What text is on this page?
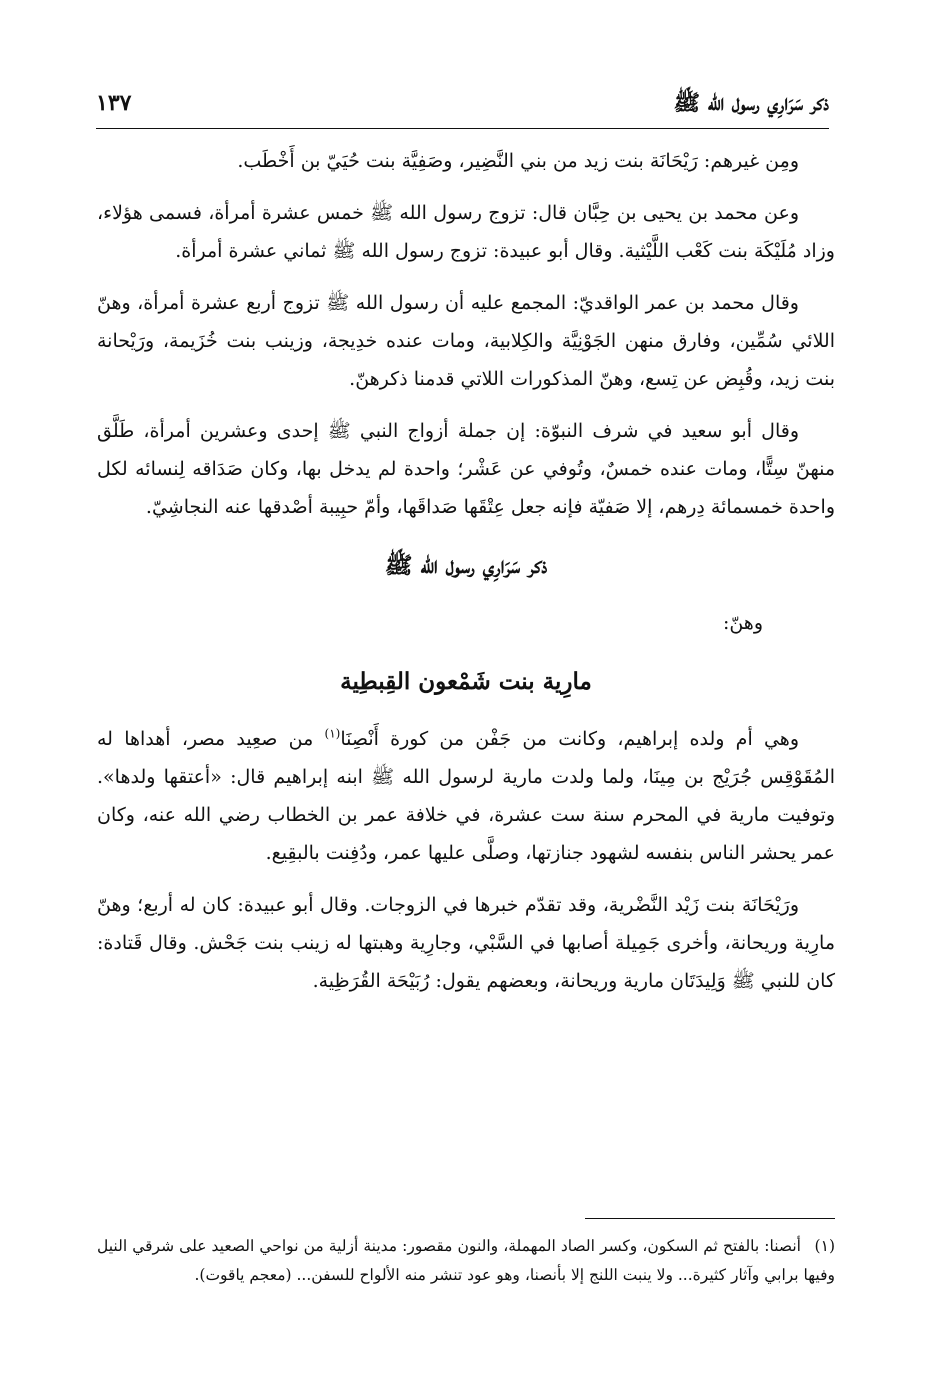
ذكر سَرَارِي رسول الله ﷺ
١٣٧

ومِن غيرهم: رَيْحَانَة بنت زيد من بني النَّضِير، وصَفِيَّة بنت حُيَيّ بن أَخْطَب.

وعن محمد بن يحيى بن حِبَّان قال: تزوج رسول الله ﷺ خمس عشرة أمرأة، فسمى هؤلاء، وزاد مُلَيْكَة بنت كَعْب اللَّيْثية. وقال أبو عبيدة: تزوج رسول الله ﷺ ثماني عشرة أمرأة.

وقال محمد بن عمر الواقديّ: المجمع عليه أن رسول الله ﷺ تزوج أربع عشرة أمرأة، وهنّ اللائي سُمِّين، وفارق منهن الجَوْنِيَّة والكِلابية، ومات عنده خدِيجة، وزينب بنت خُزَيمة، ورَيْحانة بنت زيد، وقُبِض عن تِسع، وهنّ المذكورات اللاتي قدمنا ذكرهنّ.

وقال أبو سعيد في شرف النبوّة: إن جملة أزواج النبي ﷺ إحدى وعشرين أمرأة، طَلَّق منهنّ سِتًّا، ومات عنده خمسٌ، وتُوفي عن عَشْر؛ واحدة لم يدخل بها، وكان صَدَاقه لِنسائه لكل واحدة خمسمائة دِرهم، إلا صَفيّة فإنه جعل عِتْقَها صَداقَها، وأمّ حبِيبة أصْدقها عنه النجاشِيّ.

ذكر سَرَارِي رسول الله ﷺ

وهنّ:

مارِية بنت شَمْعون القِبطِية

وهي أم ولده إبراهيم، وكانت من جَفْن من كورة أَنْصِنَا$^{(١)}$ من صعِيد مصر، أهداها له المُقَوْقِس جُرَيْج بن مِينَا، ولما ولدت مارية لرسول الله ﷺ ابنه إبراهيم قال: «أعتقها ولدها». وتوفيت مارية في المحرم سنة ست عشرة، في خلافة عمر بن الخطاب رضي الله عنه، وكان عمر يحشر الناس بنفسه لشهود جنازتها، وصلَّى عليها عمر، ودُفِنت بالبقِيع.

ورَيْحَانَة بنت زَيْد النَّضْرية، وقد تقدّم خبرها في الزوجات. وقال أبو عبيدة: كان له أربع؛ وهنّ مارِية وريحانة، وأخرى جَمِيلة أصابها في السَّبْي، وجارِية وهبتها له زينب بنت جَحْش. وقال قَتادة: كان للنبي ﷺ وَلِيدَتَان مارية وريحانة، وبعضهم يقول: رُبَيْحَة القُرَظِية.

(١)أنصنا: بالفتح ثم السكون، وكسر الصاد المهملة، والنون مقصور: مدينة أزلية من نواحي الصعيد على شرقي النيل وفيها برابي وآثار كثيرة... ولا ينبت اللنج إلا بأنصنا، وهو عود تنشر منه الألواح للسفن... (معجم ياقوت).
